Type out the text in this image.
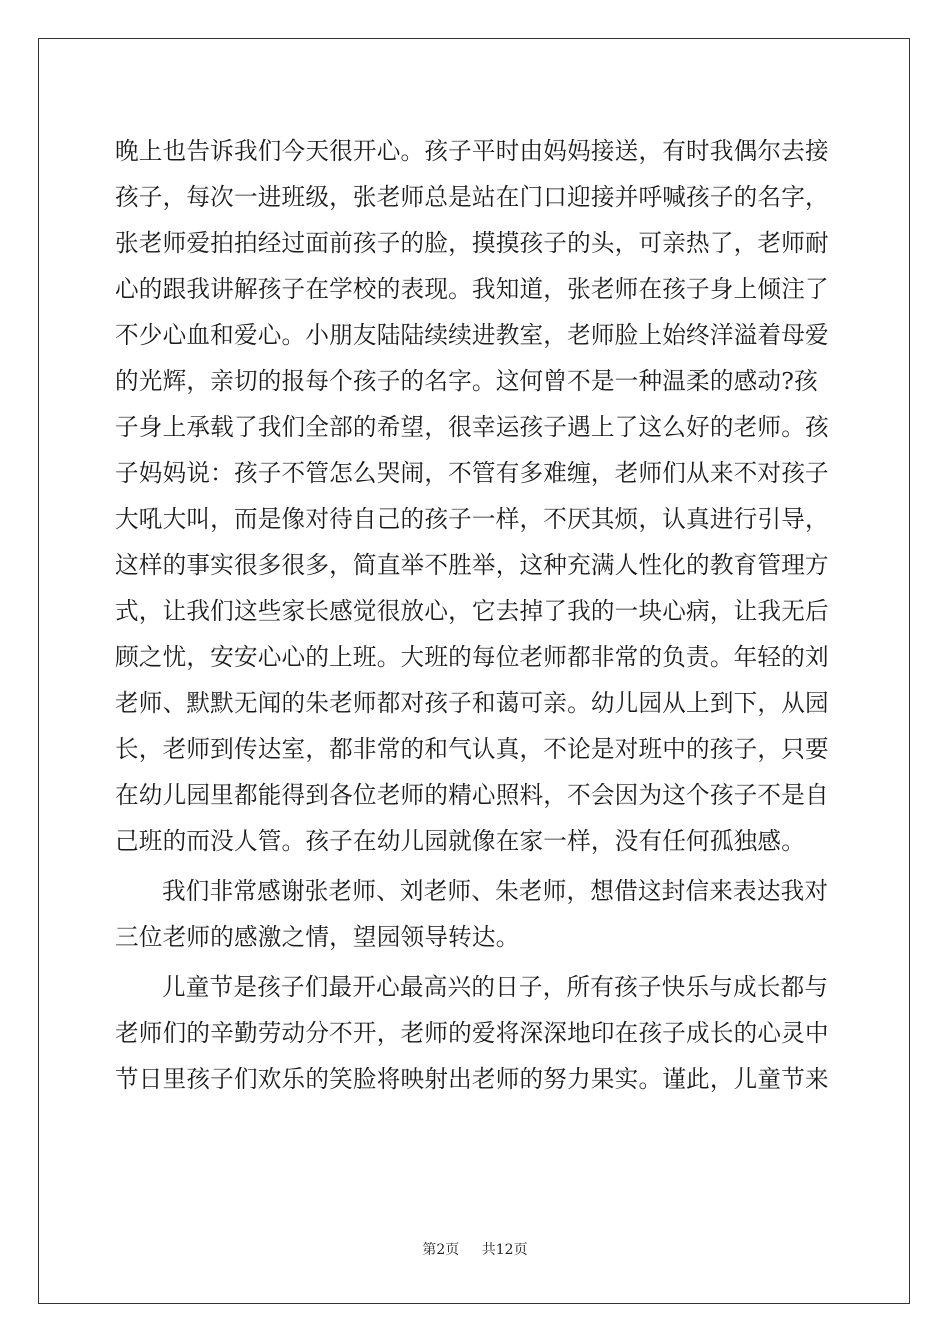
晚上也告诉我们今天很开心。孩子平时由妈妈接送，有时我偶尔去接
孩子，每次一进班级，张老师总是站在门口迎接并呼喊孩子的名字，
张老师爱拍拍经过面前孩子的脸，摸摸孩子的头，可亲热了，老师耐
心的跟我讲解孩子在学校的表现。我知道，张老师在孩子身上倾注了
不少心血和爱心。小朋友陆陆续续进教室，老师脸上始终洋溢着母爱
的光辉，亲切的报每个孩子的名字。这何曾不是一种温柔的感动?孩
子身上承载了我们全部的希望，很幸运孩子遇上了这么好的老师。孩
子妈妈说：孩子不管怎么哭闹，不管有多难缠，老师们从来不对孩子
大吼大叫，而是像对待自己的孩子一样，不厌其烦，认真进行引导，
这样的事实很多很多，简直举不胜举，这种充满人性化的教育管理方
式，让我们这些家长感觉很放心，它去掉了我的一块心病，让我无后
顾之忧，安安心心的上班。大班的每位老师都非常的负责。年轻的刘
老师、默默无闻的朱老师都对孩子和蔼可亲。幼儿园从上到下，从园
长，老师到传达室，都非常的和气认真，不论是对班中的孩子，只要
在幼儿园里都能得到各位老师的精心照料，不会因为这个孩子不是自
己班的而没人管。孩子在幼儿园就像在家一样，没有任何孤独感。
我们非常感谢张老师、刘老师、朱老师，想借这封信来表达我对
三位老师的感激之情，望园领导转达。
儿童节是孩子们最开心最高兴的日子，所有孩子快乐与成长都与
老师们的辛勤劳动分不开，老师的爱将深深地印在孩子成长的心灵中
节日里孩子们欢乐的笑脸将映射出老师的努力果实。谨此，儿童节来
第2页 共12页
